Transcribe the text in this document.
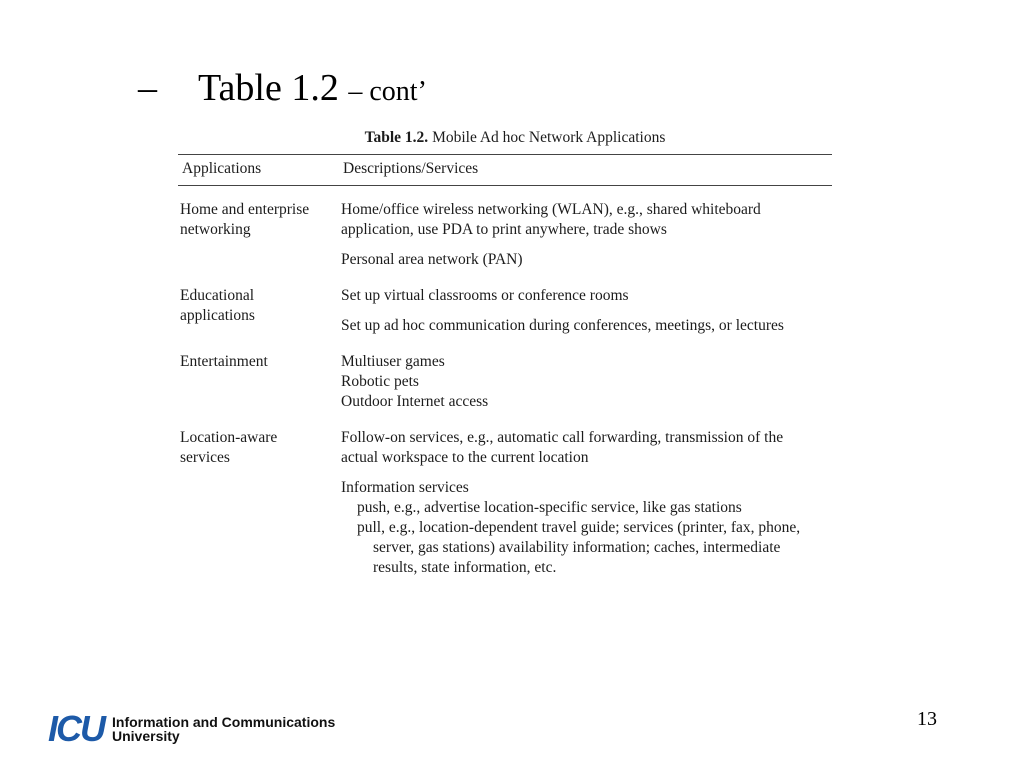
– Table 1.2 – cont’
Table 1.2. Mobile Ad hoc Network Applications
Applications	Descriptions/Services
Home and enterprise
networking
Home/office wireless networking (WLAN), e.g., shared whiteboard
application, use PDA to print anywhere, trade shows
Personal area network (PAN)
Educational
applications
Set up virtual classrooms or conference rooms
Set up ad hoc communication during conferences, meetings, or lectures
Entertainment	Multiuser games
Robotic pets
Outdoor Internet access
Location-aware
services
Follow-on services, e.g., automatic call forwarding, transmission of the
actual workspace to the current location
Information services
push, e.g., advertise location-specific service, like gas stations
pull, e.g., location-dependent travel guide; services (printer, fax, phone,
server, gas stations) availability information; caches, intermediate
results, state information, etc.
ICU Information and Communications
University
13
